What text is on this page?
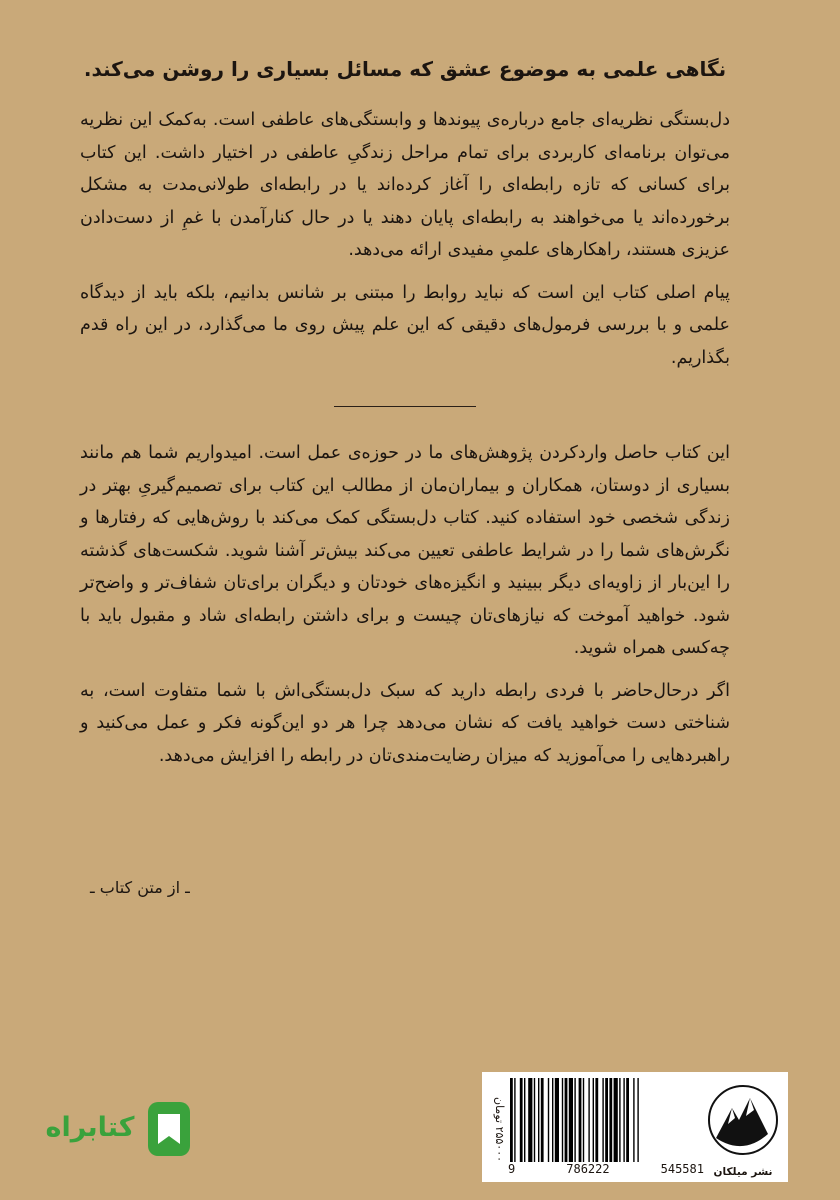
نگاهی علمی به موضوع عشق که مسائل بسیاری را روشن می‌کند.

دل‌بستگی نظریه‌ای جامع درباره‌ی پیوندها و وابستگی‌های عاطفی است. به‌کمک این نظریه می‌توان برنامه‌ای کاربردی برای تمام مراحل زندگیِ عاطفی در اختیار داشت. این کتاب برای کسانی که تازه رابطه‌ای را آغاز کرده‌اند یا در رابطه‌ای طولانی‌مدت به مشکل برخورده‌اند یا می‌خواهند به رابطه‌ای پایان دهند یا در حال کنارآمدن با غمِ از دست‌دادن عزیزی هستند، راهکارهای علمیِ مفیدی ارائه می‌دهد.

پیام اصلی کتاب این است که نباید روابط را مبتنی بر شانس بدانیم، بلکه باید از دیدگاه علمی و با بررسی فرمول‌های دقیقی که این علم پیش روی ما می‌گذارد، در این راه قدم بگذاریم.

این کتاب حاصل واردکردن پژوهش‌های ما در حوزه‌ی عمل است. امیدواریم شما هم مانند بسیاری از دوستان، همکاران و بیماران‌مان از مطالب این کتاب برای تصمیم‌گیریِ بهتر در زندگی شخصی خود استفاده کنید. کتاب دل‌بستگی کمک می‌کند با روش‌هایی که رفتارها و نگرش‌های شما را در شرایط عاطفی تعیین می‌کند بیش‌تر آشنا شوید. شکست‌های گذشته را این‌بار از زاویه‌ای دیگر ببینید و انگیزه‌های خودتان و دیگران برای‌تان شفاف‌تر و واضح‌تر شود. خواهید آموخت که نیازهای‌تان چیست و برای داشتن رابطه‌ای شاد و مقبول باید با چه‌کسی همراه شوید.

اگر درحال‌حاضر با فردی رابطه دارید که سبک دل‌بستگی‌اش با شما متفاوت است، به شناختی دست خواهید یافت که نشان می‌دهد چرا هر دو این‌گونه فکر و عمل می‌کنید و راهبردهایی را می‌آموزید که میزان رضایت‌مندی‌تان در رابطه را افزایش می‌دهد.

ـ از متن کتاب ـ
نشر میلکان
9	786222	545581
۲۵۵۰۰۰ تومان
کتابراه
